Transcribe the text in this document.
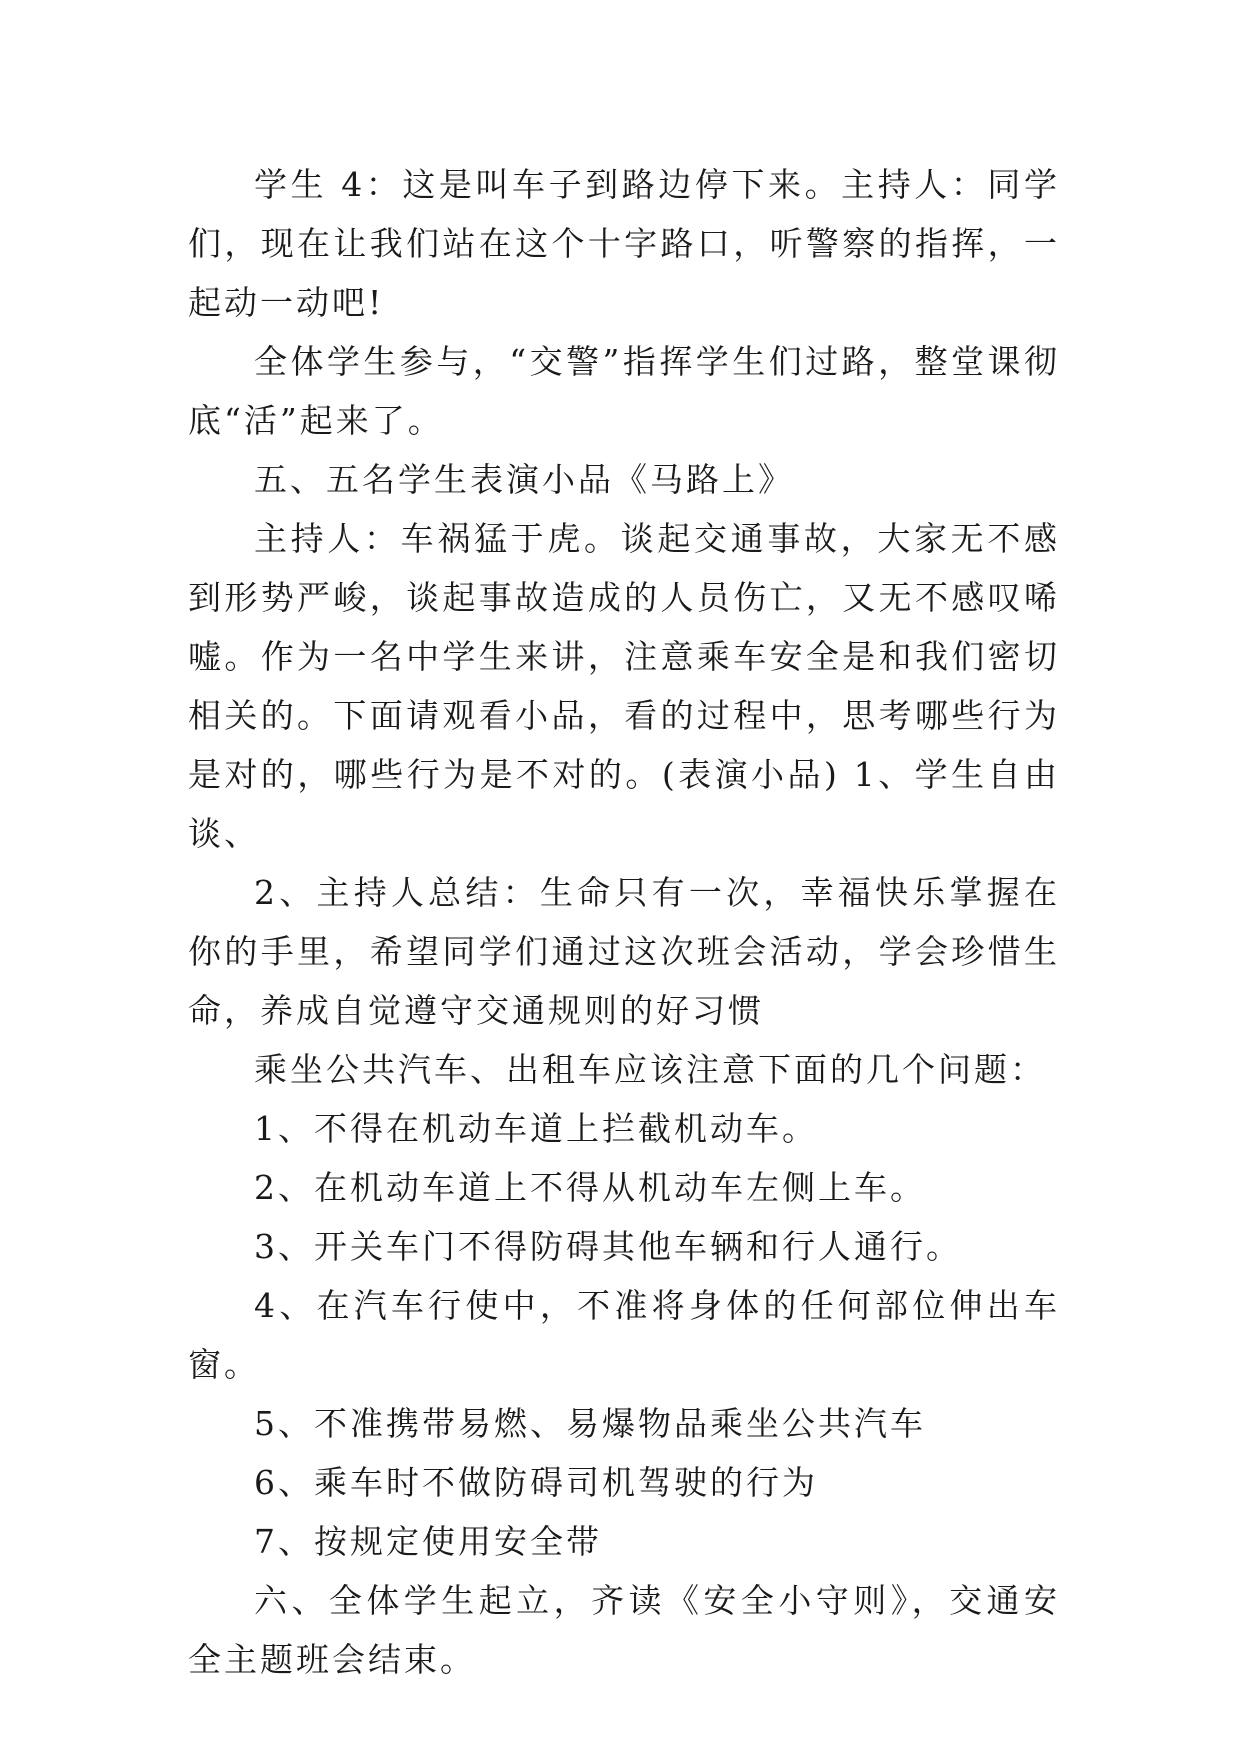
学生 4：这是叫车子到路边停下来。主持人：同学们，现在让我们站在这个十字路口，听警察的指挥，一起动一动吧!

全体学生参与，“交警”指挥学生们过路，整堂课彻底“活”起来了。

五、五名学生表演小品《马路上》

主持人：车祸猛于虎。谈起交通事故，大家无不感到形势严峻，谈起事故造成的人员伤亡，又无不感叹唏嘘。作为一名中学生来讲，注意乘车安全是和我们密切相关的。下面请观看小品，看的过程中，思考哪些行为是对的，哪些行为是不对的。(表演小品) 1、学生自由谈、

2、主持人总结：生命只有一次，幸福快乐掌握在你的手里，希望同学们通过这次班会活动，学会珍惜生命，养成自觉遵守交通规则的好习惯

乘坐公共汽车、出租车应该注意下面的几个问题：

1、不得在机动车道上拦截机动车。

2、在机动车道上不得从机动车左侧上车。

3、开关车门不得防碍其他车辆和行人通行。

4、在汽车行使中，不准将身体的任何部位伸出车窗。

5、不准携带易燃、易爆物品乘坐公共汽车

6、乘车时不做防碍司机驾驶的行为

7、按规定使用安全带

六、全体学生起立，齐读《安全小守则》，交通安全主题班会结束。
